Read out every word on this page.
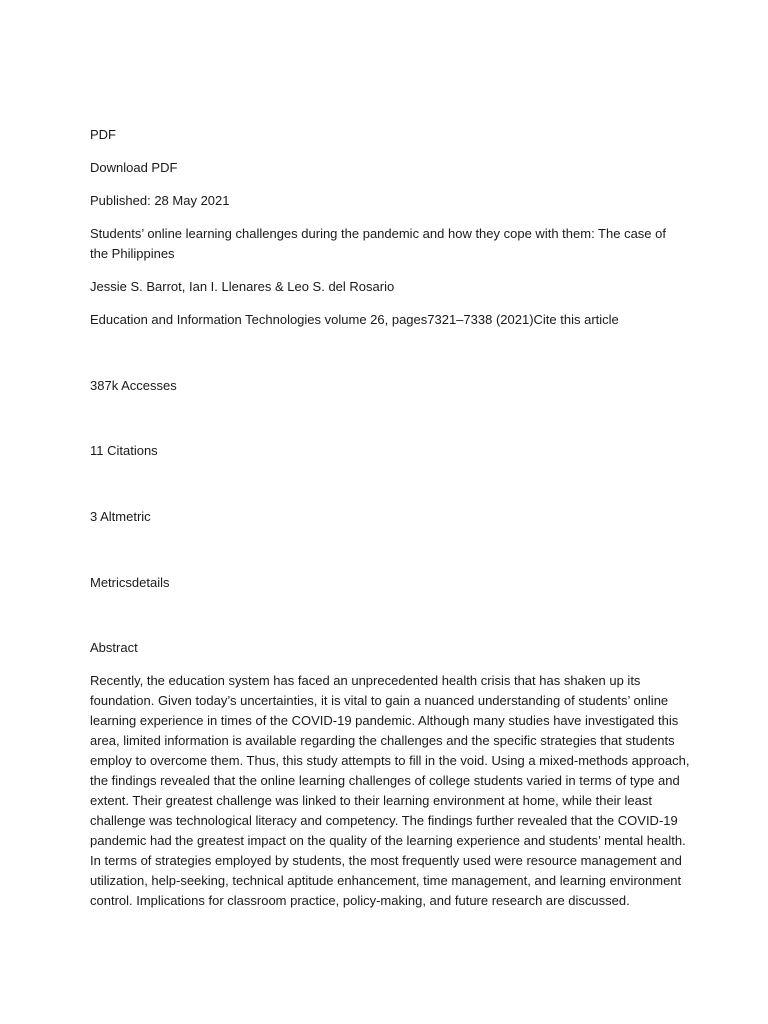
PDF

Download PDF

Published: 28 May 2021

Students’ online learning challenges during the pandemic and how they cope with them: The case of the Philippines

Jessie S. Barrot, Ian I. Llenares & Leo S. del Rosario

Education and Information Technologies volume 26, pages7321–7338 (2021)Cite this article

387k Accesses

11 Citations

3 Altmetric

Metricsdetails

Abstract

Recently, the education system has faced an unprecedented health crisis that has shaken up its foundation. Given today’s uncertainties, it is vital to gain a nuanced understanding of students’ online learning experience in times of the COVID-19 pandemic. Although many studies have investigated this area, limited information is available regarding the challenges and the specific strategies that students employ to overcome them. Thus, this study attempts to fill in the void. Using a mixed-methods approach, the findings revealed that the online learning challenges of college students varied in terms of type and extent. Their greatest challenge was linked to their learning environment at home, while their least challenge was technological literacy and competency. The findings further revealed that the COVID-19 pandemic had the greatest impact on the quality of the learning experience and students’ mental health. In terms of strategies employed by students, the most frequently used were resource management and utilization, help-seeking, technical aptitude enhancement, time management, and learning environment control. Implications for classroom practice, policy-making, and future research are discussed.
